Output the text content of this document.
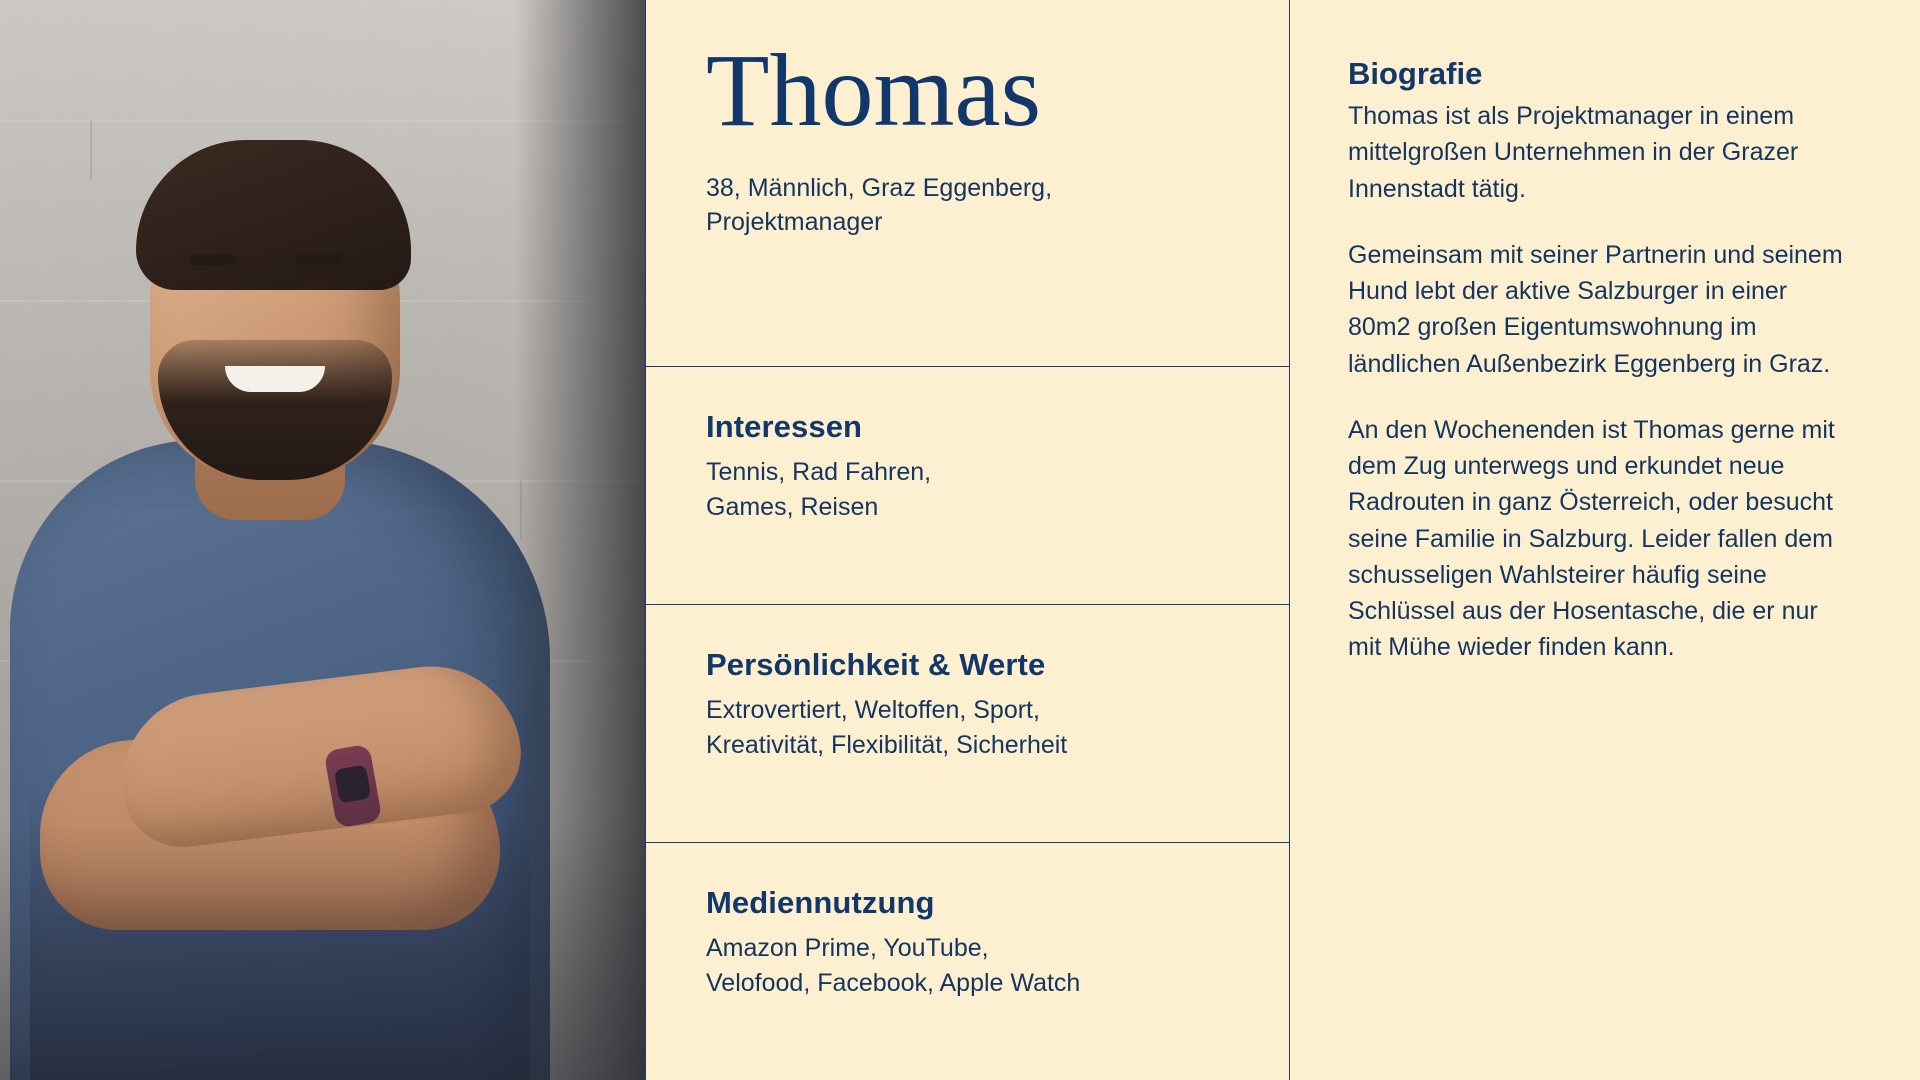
Thomas
38, Männlich, Graz Eggenberg, Projektmanager
Interessen

Tennis, Rad Fahren,
Games, Reisen

Persönlichkeit & Werte

Extrovertiert, Weltoffen, Sport,
Kreativität, Flexibilität, Sicherheit

Mediennutzung

Amazon Prime, YouTube,
Velofood, Facebook, Apple Watch

Biografie

Thomas ist als Projektmanager in einem mittelgroßen Unternehmen in der Grazer Innenstadt tätig.

Gemeinsam mit seiner Partnerin und seinem Hund lebt der aktive Salzburger in einer 80m2 großen Eigentumswohnung im ländlichen Außenbezirk Eggenberg in Graz.

An den Wochenenden ist Thomas gerne mit dem Zug unterwegs und erkundet neue Radrouten in ganz Österreich, oder besucht seine Familie in Salzburg. Leider fallen dem schusseligen Wahlsteirer häufig seine Schlüssel aus der Hosentasche, die er nur mit Mühe wieder finden kann.
